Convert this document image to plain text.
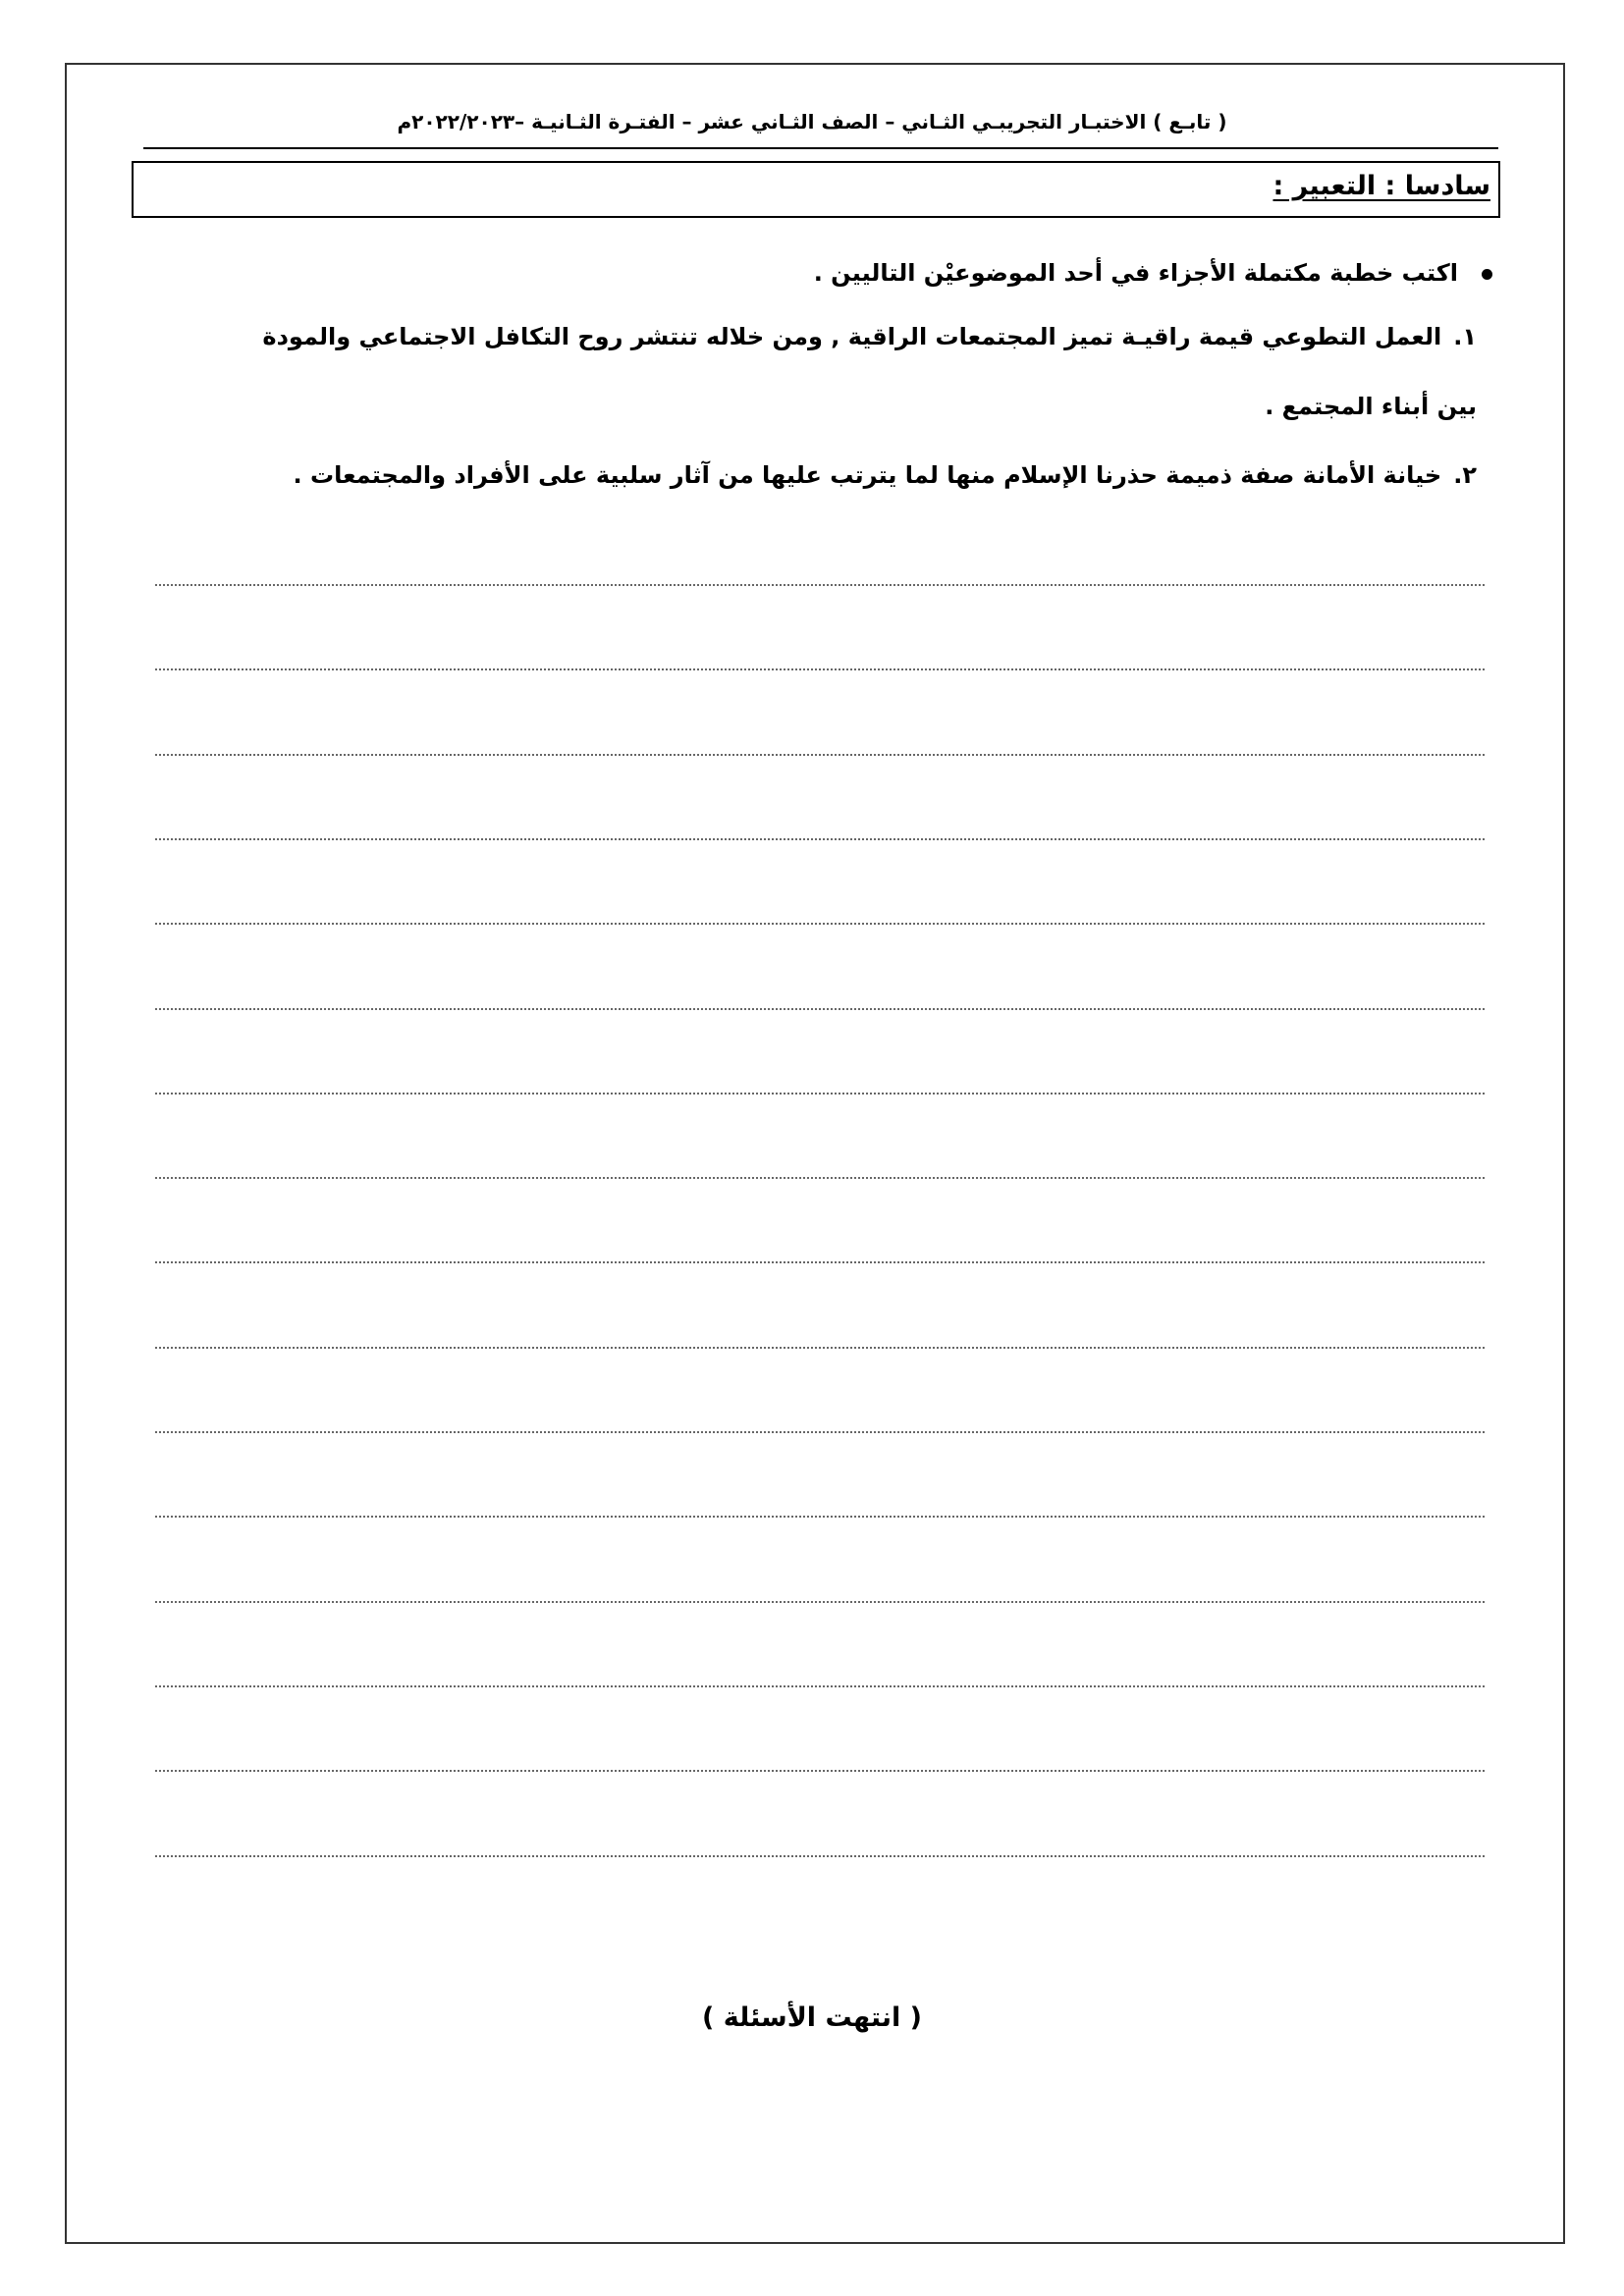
( تابـع ) الاختبـار التجريبـي الثـاني – الصف الثـاني عشر – الفتـرة الثـانيـة –٢٠٢٢/٢٠٢٣م
سادسا : التعبير :
اكتب خطبة مكتملة الأجزاء في أحد الموضوعيْن التاليين .
١.العمل التطوعي قيمة راقيـة تميز المجتمعات الراقية , ومن خلاله تنتشر روح التكافل الاجتماعي والمودة
بين أبناء المجتمع .
٢.خيانة الأمانة صفة ذميمة حذرنا الإسلام منها لما يترتب عليها من آثار سلبية على الأفراد والمجتمعات .
( انتهت الأسئلة )
